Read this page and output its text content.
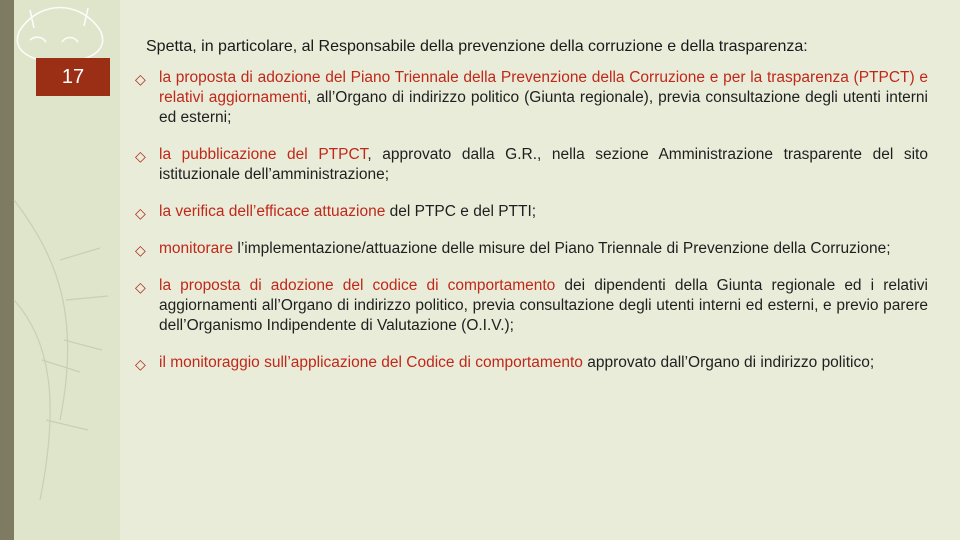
17

Spetta, in particolare, al Responsabile della prevenzione della corruzione e della trasparenza:

◇ la proposta di adozione del Piano Triennale della Prevenzione della Corruzione e per la trasparenza (PTPCT) e relativi aggiornamenti, all’Organo di indirizzo politico (Giunta regionale), previa consultazione degli utenti interni ed esterni;
◇ la pubblicazione del PTPCT, approvato dalla G.R., nella sezione Amministrazione trasparente del sito istituzionale dell’amministrazione;
◇ la verifica dell’efficace attuazione del PTPC e del PTTI;
◇ monitorare l’implementazione/attuazione delle misure del Piano Triennale di Prevenzione della Corruzione;
◇ la proposta di adozione del codice di comportamento dei dipendenti della Giunta regionale ed i relativi aggiornamenti all’Organo di indirizzo politico, previa consultazione degli utenti interni ed esterni, e previo parere dell’Organismo Indipendente di Valutazione (O.I.V.);
◇ il monitoraggio sull’applicazione del Codice di comportamento approvato dall’Organo di indirizzo politico;
